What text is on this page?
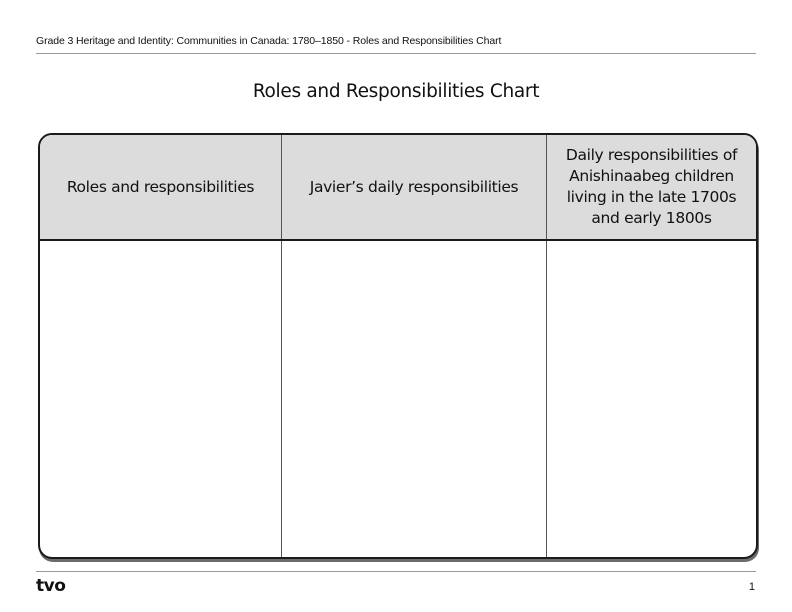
Grade 3 Heritage and Identity: Communities in Canada: 1780–1850 - Roles and Responsibilities Chart
Roles and Responsibilities Chart
Roles and responsibilities	Javier’s daily responsibilities	Daily responsibilities of Anishinaabeg children living in the late 1700s and early 1800s

tvo	1
